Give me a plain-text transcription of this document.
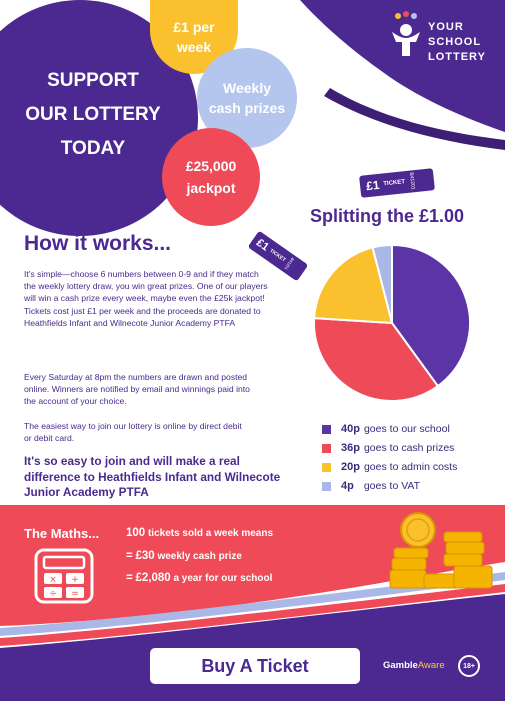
SUPPORT
OUR LOTTERY
TODAY
£1 per
week
Weekly
cash prizes
£25,000
jackpot
YOUR
SCHOOL
LOTTERY
£1 TICKET B41201
£1
TICKET
B41201
Splitting the £1.00
How it works...
It's simple—choose 6 numbers between 0-9 and if they match the weekly lottery draw, you win great prizes. One of our players will win a cash prize every week, maybe even the £25k jackpot! Tickets cost just £1 per week and the proceeds are donated to Heathfields Infant and Wilnecote Junior Academy PTFA
Every Saturday at 8pm the numbers are drawn and posted online. Winners are notified by email and winnings paid into the account of your choice.
The easiest way to join our lottery is online by direct debit or debit card.
It's so easy to join and will make a real difference to Heathfields Infant and Wilnecote Junior Academy PTFA
40p goes to our school
36p goes to cash prizes
20p goes to admin costs
4p goes to VAT
The Maths...
× +
÷ =
100 tickets sold a week means
= £30 weekly cash prize
= £2,080 a year for our school
Buy A Ticket	GambleAware	18+
